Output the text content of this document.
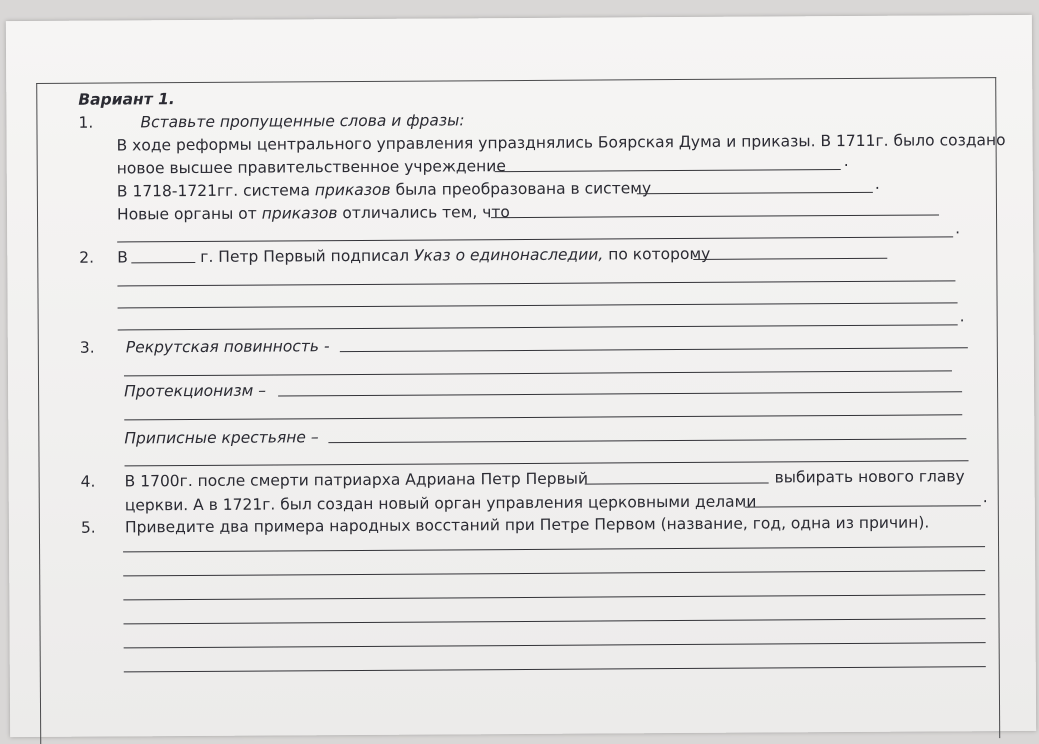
Вариант 1.
1.	Вставьте пропущенные слова и фразы:
В ходе реформы центрального управления упразднялись Боярская Дума и приказы. В 1711г. было создано
новое высшее правительственное учреждение	.
В 1718-1721гг. система приказов была преобразована в систему	.
Новые органы от приказов отличались тем, что
.
2. В	г. Петр Первый подписал Указ о единонаследии, по которому
.
3. Рекрутская повинность -
Протекционизм –
Приписные крестьяне –
4. В 1700г. после смерти патриарха Адриана Петр Первый	выбирать нового главу
церкви. А в 1721г. был создан новый орган управления церковными делами	.
5. Приведите два примера народных восстаний при Петре Первом (название, год, одна из причин).
